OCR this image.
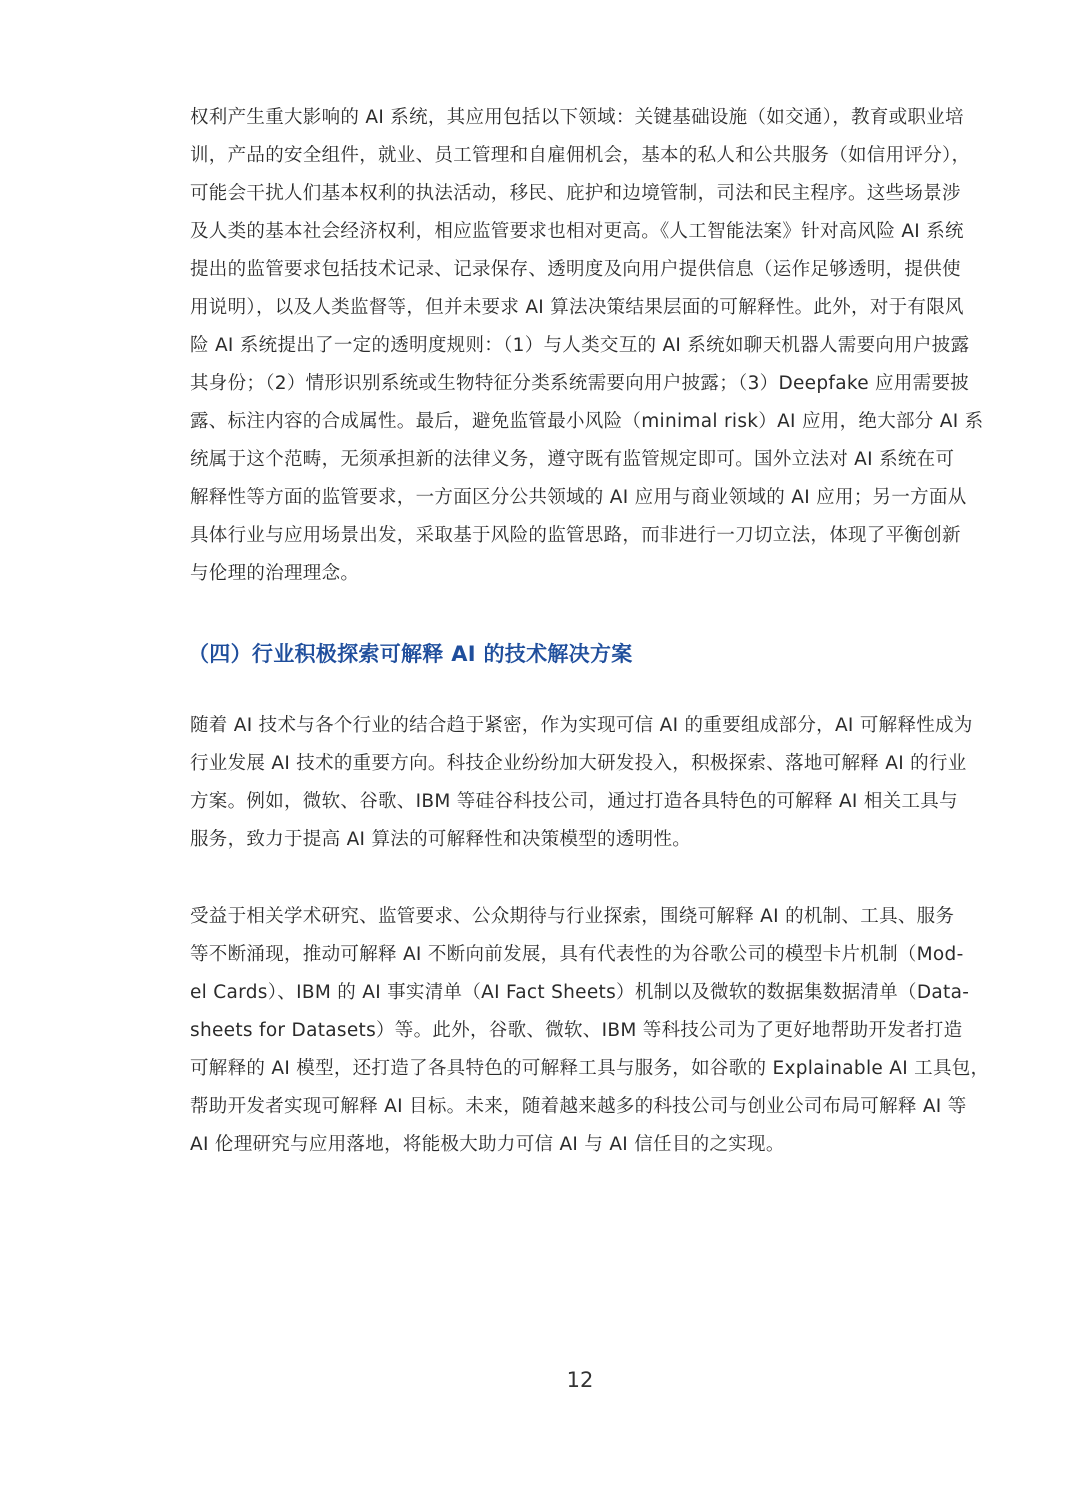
权利产生重大影响的 AI 系统，其应用包括以下领域：关键基础设施（如交通），教育或职业培
训，产品的安全组件，就业、员工管理和自雇佣机会，基本的私人和公共服务（如信用评分），
可能会干扰人们基本权利的执法活动，移民、庇护和边境管制，司法和民主程序。这些场景涉
及人类的基本社会经济权利，相应监管要求也相对更高。《人工智能法案》针对高风险 AI 系统
提出的监管要求包括技术记录、记录保存、透明度及向用户提供信息（运作足够透明，提供使
用说明），以及人类监督等，但并未要求 AI 算法决策结果层面的可解释性。此外，对于有限风
险 AI 系统提出了一定的透明度规则：（1）与人类交互的 AI 系统如聊天机器人需要向用户披露
其身份；（2）情形识别系统或生物特征分类系统需要向用户披露；（3）Deepfake 应用需要披
露、标注内容的合成属性。最后，避免监管最小风险（minimal risk）AI 应用，绝大部分 AI 系
统属于这个范畴，无须承担新的法律义务，遵守既有监管规定即可。国外立法对 AI 系统在可
解释性等方面的监管要求，一方面区分公共领域的 AI 应用与商业领域的 AI 应用；另一方面从
具体行业与应用场景出发，采取基于风险的监管思路，而非进行一刀切立法，体现了平衡创新
与伦理的治理理念。
（四）行业积极探索可解释 AI 的技术解决方案
随着 AI 技术与各个行业的结合趋于紧密，作为实现可信 AI 的重要组成部分，AI 可解释性成为
行业发展 AI 技术的重要方向。科技企业纷纷加大研发投入，积极探索、落地可解释 AI 的行业
方案。例如，微软、谷歌、IBM 等硅谷科技公司，通过打造各具特色的可解释 AI 相关工具与
服务，致力于提高 AI 算法的可解释性和决策模型的透明性。
受益于相关学术研究、监管要求、公众期待与行业探索，围绕可解释 AI 的机制、工具、服务
等不断涌现，推动可解释 AI 不断向前发展，具有代表性的为谷歌公司的模型卡片机制（Mod-
el Cards）、IBM 的 AI 事实清单（AI Fact Sheets）机制以及微软的数据集数据清单（Data-
sheets for Datasets）等。此外，谷歌、微软、IBM 等科技公司为了更好地帮助开发者打造
可解释的 AI 模型，还打造了各具特色的可解释工具与服务，如谷歌的 Explainable AI 工具包，
帮助开发者实现可解释 AI 目标。未来，随着越来越多的科技公司与创业公司布局可解释 AI 等
AI 伦理研究与应用落地，将能极大助力可信 AI 与 AI 信任目的之实现。
12
